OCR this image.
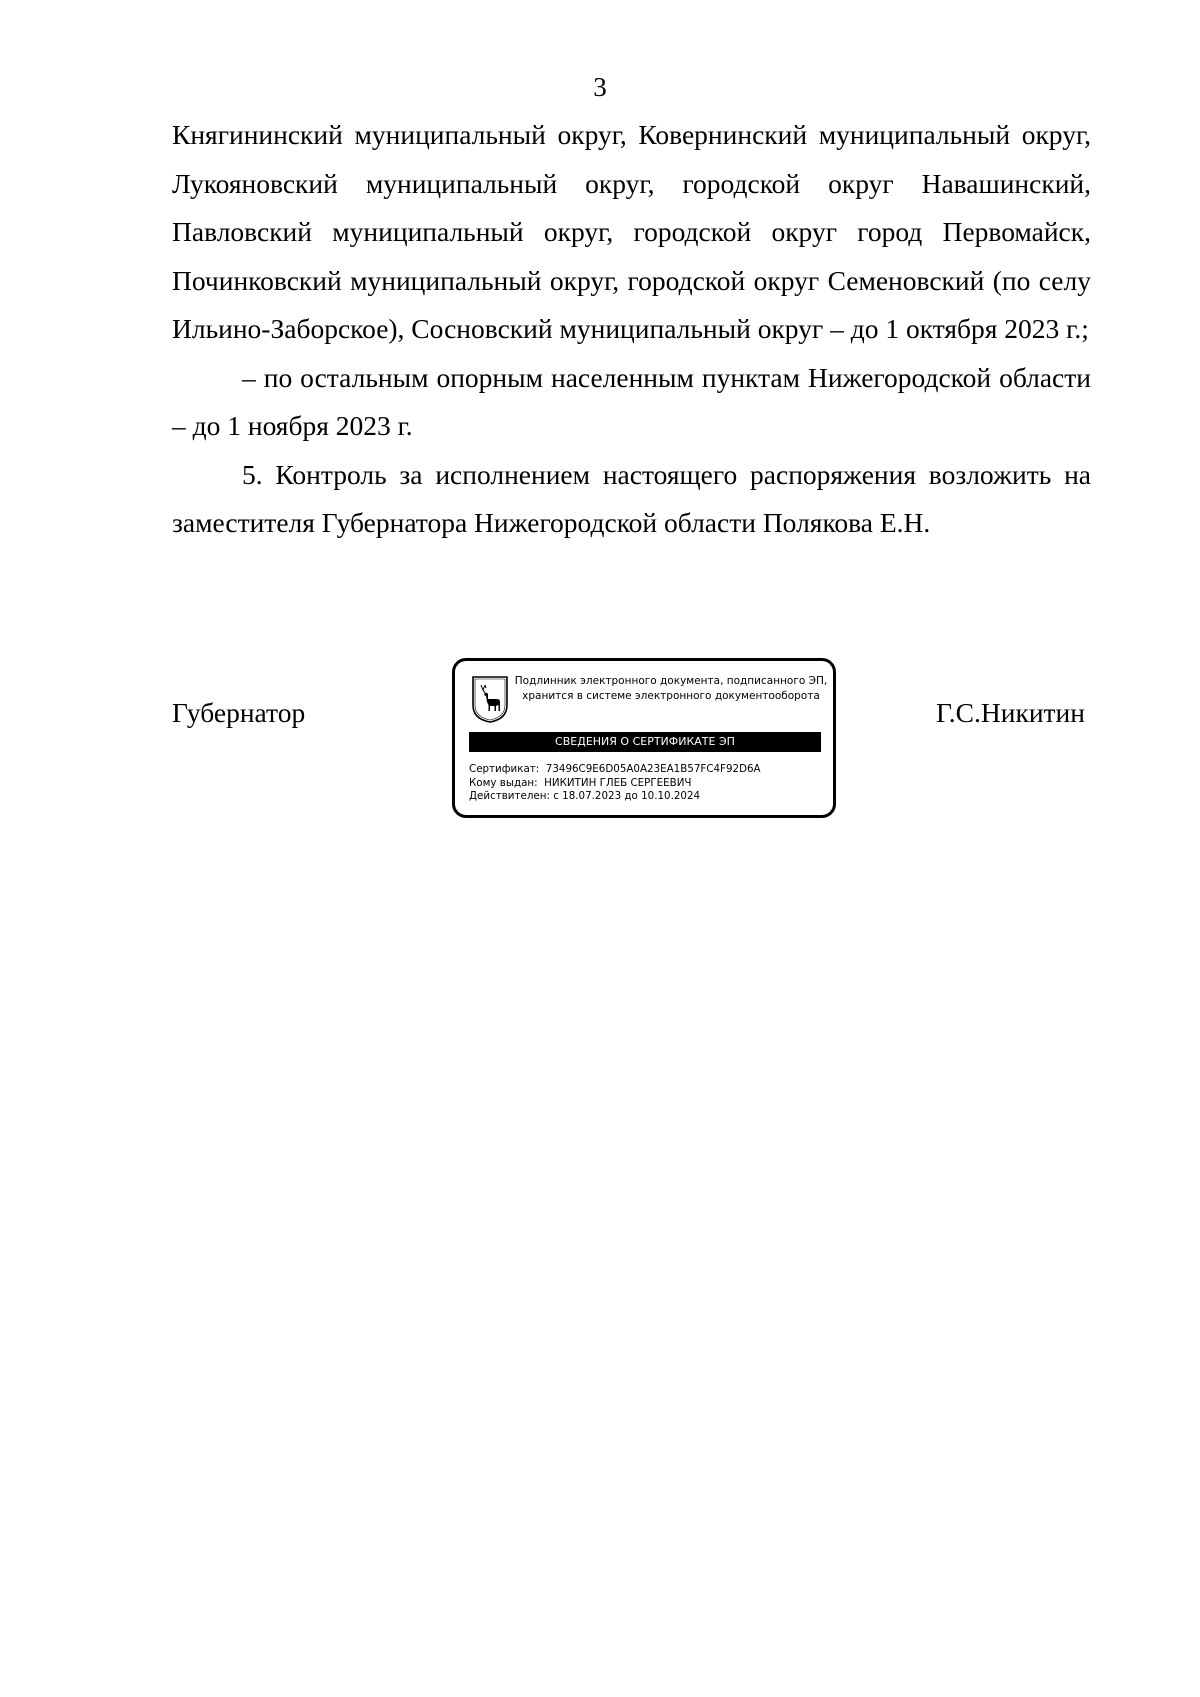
3

Княгининский муниципальный округ, Ковернинский муниципальный округ, Лукояновский муниципальный округ, городской округ Навашинский, Павловский муниципальный округ, городской округ город Первомайск, Починковский муниципальный округ, городской округ Семеновский (по селу Ильино-Заборское), Сосновский муниципальный округ – до 1 октября 2023 г.;

– по остальным опорным населенным пунктам Нижегородской области – до 1 ноября 2023 г.

5. Контроль за исполнением настоящего распоряжения возложить на заместителя Губернатора Нижегородской области Полякова Е.Н.

Губернатор	Г.С.Никитин
Подлинник электронного документа, подписанного ЭП,
хранится в системе электронного документооборота
СВЕДЕНИЯ О СЕРТИФИКАТЕ ЭП
Сертификат: 73496C9E6D05A0A23EA1B57FC4F92D6A
Кому выдан: НИКИТИН ГЛЕБ СЕРГЕЕВИЧ
Действителен: с 18.07.2023 до 10.10.2024
